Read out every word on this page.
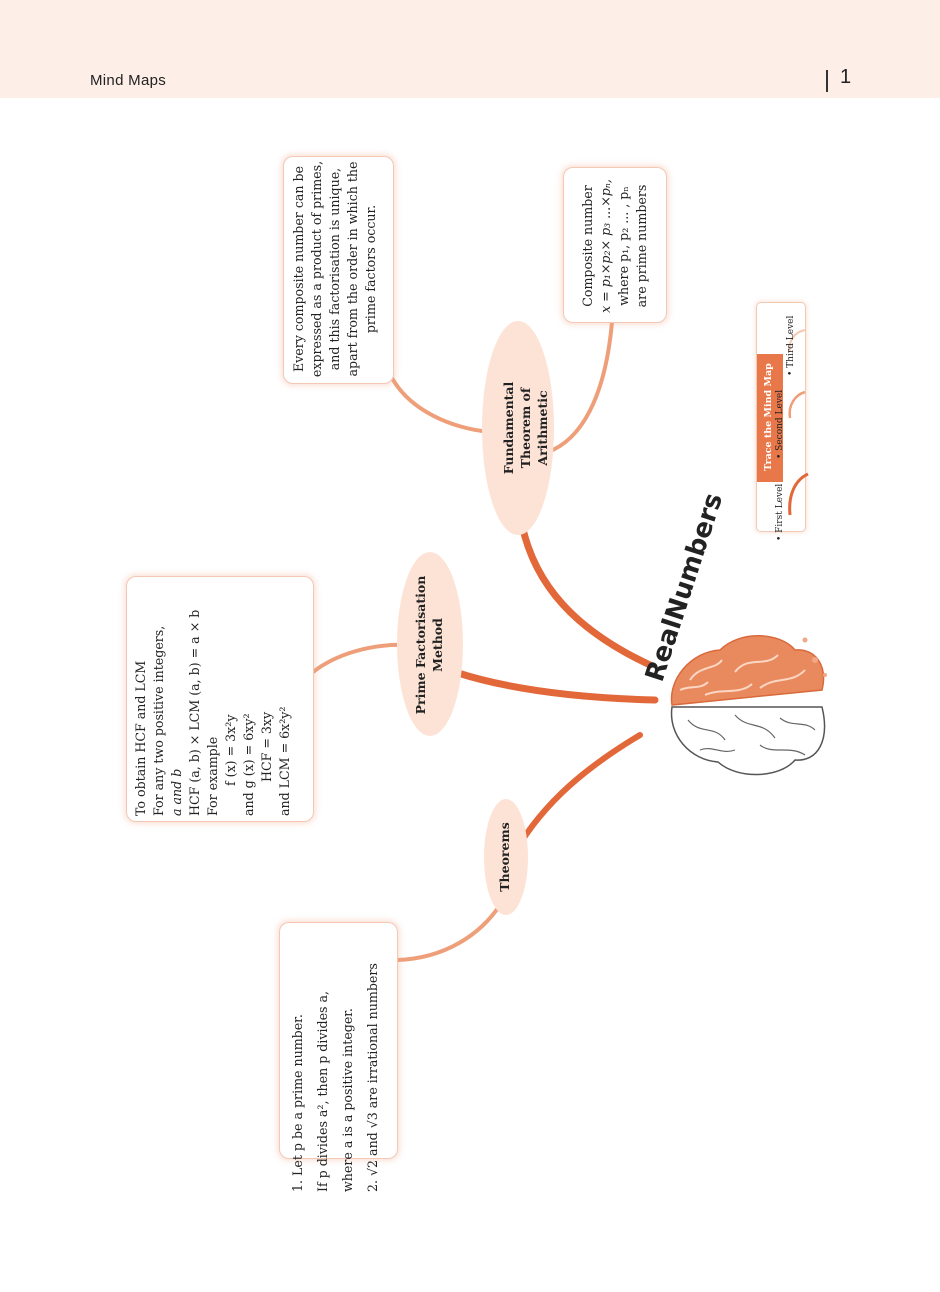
Mind Maps	1
RealNumbers
Theorems
Prime Factorisation Method
Fundamental Theorem of Arithmetic
1. Let p be a prime number. If p divides a², then p divides a, where a is a positive integer. 2. √2 and √3 are irrational numbers
To obtain HCF and LCM For any two positive integers, a and b HCF (a, b) × LCM (a, b) = a × b For example f (x) = 3x²y and g (x) = 6xy² HCF = 3xy and LCM = 6x²y²
Every composite number can be expressed as a product of primes, and this factorisation is unique, apart from the order in which the prime factors occur.	Composite number x = p₁×p₂× p₃ ...×pₙ, where p₁, p₂ ... , pₙ are prime numbers
Trace the Mind Map
• First Level
• Second Level
• Third Level
